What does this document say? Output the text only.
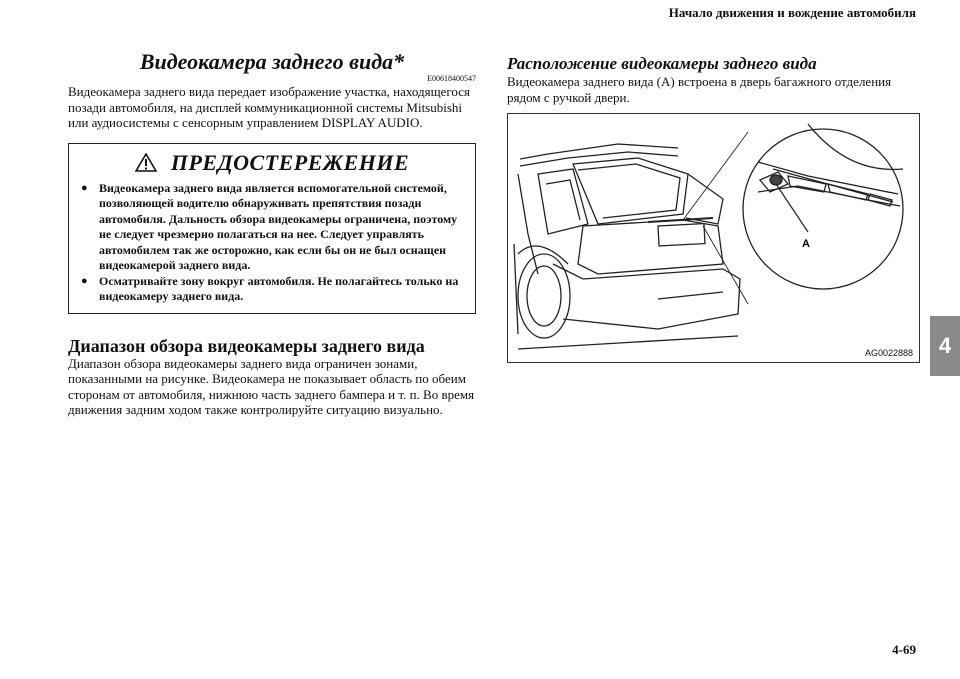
Начало движения и вождение автомобиля
4
4-69
Видеокамера заднего вида*
E00618400547

Видеокамера заднего вида передает изображение участка, находящегося позади автомобиля, на дисплей коммуникационной системы Mitsubishi или аудиосистемы с сенсорным управлением DISPLAY AUDIO.

ПРЕДОСТЕРЕЖЕНИЕ
● Видеокамера заднего вида является вспомогательной системой, позволяющей водителю обнаруживать препятствия позади автомобиля. Дальность обзора видеокамеры ограничена, поэтому не следует чрезмерно полагаться на нее. Следует управлять автомобилем так же осторожно, как если бы он не был оснащен видеокамерой заднего вида.
● Осматривайте зону вокруг автомобиля. Не полагайтесь только на видеокамеру заднего вида.
Диапазон обзора видеокамеры заднего вида

Диапазон обзора видеокамеры заднего вида ограничен зонами, показанными на рисунке. Видеокамера не показывает область по обеим сторонам от автомобиля, нижнюю часть заднего бампера и т. п. Во время движения задним ходом также контролируйте ситуацию визуально.

Расположение видеокамеры заднего вида

Видеокамера заднего вида (A) встроена в дверь багажного отделения рядом с ручкой двери.

A
AG0022888
